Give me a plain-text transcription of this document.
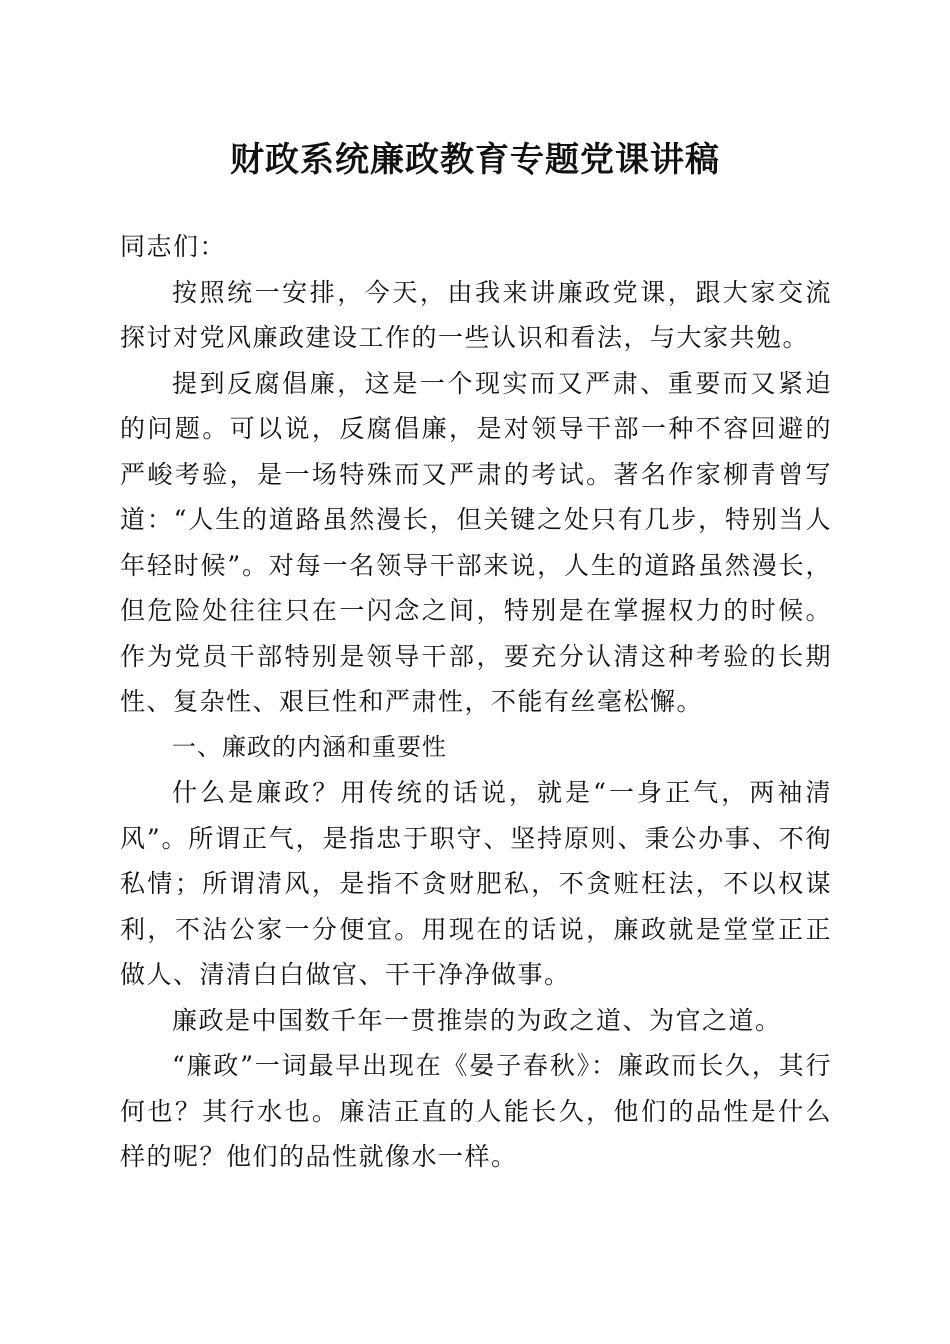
财政系统廉政教育专题党课讲稿

同志们：

按照统一安排，今天，由我来讲廉政党课，跟大家交流探讨对党风廉政建设工作的一些认识和看法，与大家共勉。

提到反腐倡廉，这是一个现实而又严肃、重要而又紧迫的问题。可以说，反腐倡廉，是对领导干部一种不容回避的严峻考验，是一场特殊而又严肃的考试。著名作家柳青曾写道：“人生的道路虽然漫长，但关键之处只有几步，特别当人年轻时候”。对每一名领导干部来说，人生的道路虽然漫长，但危险处往往只在一闪念之间，特别是在掌握权力的时候。作为党员干部特别是领导干部，要充分认清这种考验的长期性、复杂性、艰巨性和严肃性，不能有丝毫松懈。

一、廉政的内涵和重要性

什么是廉政？用传统的话说，就是“一身正气，两袖清风”。所谓正气，是指忠于职守、坚持原则、秉公办事、不徇私情；所谓清风，是指不贪财肥私，不贪赃枉法，不以权谋利，不沾公家一分便宜。用现在的话说，廉政就是堂堂正正做人、清清白白做官、干干净净做事。

廉政是中国数千年一贯推崇的为政之道、为官之道。

“廉政”一词最早出现在《晏子春秋》：廉政而长久，其行何也？其行水也。廉洁正直的人能长久，他们的品性是什么样的呢？他们的品性就像水一样。
